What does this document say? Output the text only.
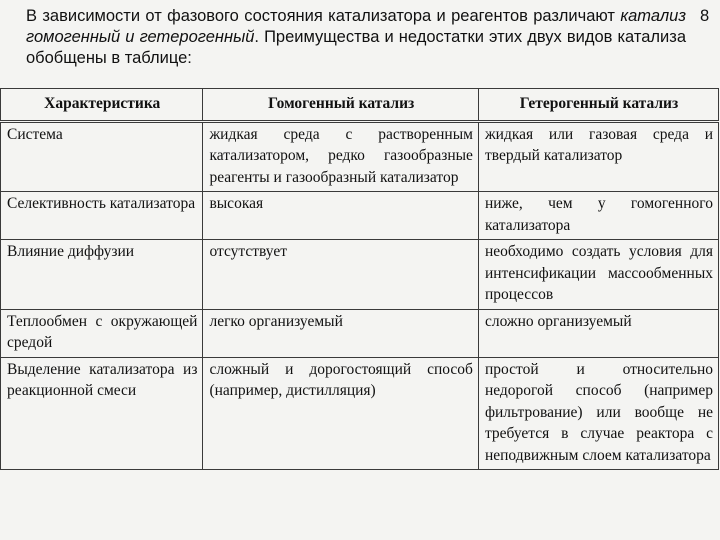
В зависимости от фазового состояния катализатора и реагентов различают катализ гомогенный и гетерогенный. Преимущества и недостатки этих двух видов катализа обобщены в таблице:
8
Характеристика	Гомогенный катализ	Гетерогенный катализ
Система	жидкая среда с растворенным катализатором, редко газообразные реагенты и газообразный катализатор	жидкая или газовая среда и твердый катализатор
Селективность катализатора	высокая	ниже, чем у гомогенного катализатора
Влияние диффузии	отсутствует	необходимо создать условия для интенсификации массообменных процессов
Теплообмен с окружающей средой	легко организуемый	сложно организуемый
Выделение катализатора из реакционной смеси	сложный и дорогостоящий способ (например, дистилляция)	простой и относительно недорогой способ (например фильтрование) или вообще не требуется в случае реактора с неподвижным слоем катализатора
